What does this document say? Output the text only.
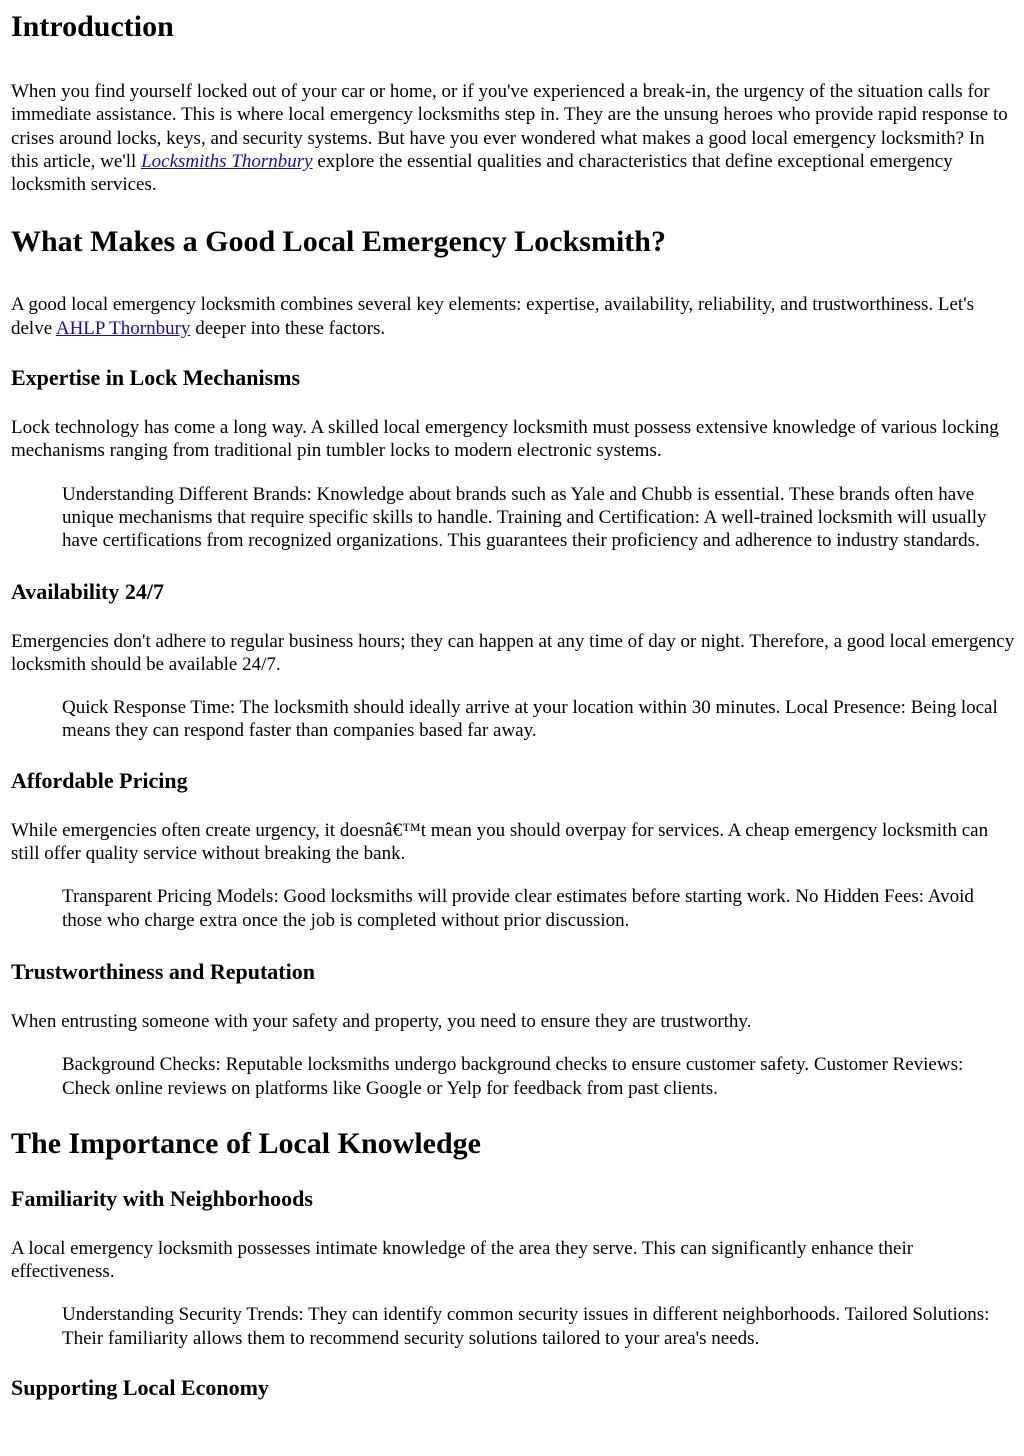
Introduction

When you find yourself locked out of your car or home, or if you've experienced a break-in, the urgency of the situation calls for immediate assistance. This is where local emergency locksmiths step in. They are the unsung heroes who provide rapid response to crises around locks, keys, and security systems. But have you ever wondered what makes a good local emergency locksmith? In this article, we'll Locksmiths Thornbury explore the essential qualities and characteristics that define exceptional emergency locksmith services.

What Makes a Good Local Emergency Locksmith?

A good local emergency locksmith combines several key elements: expertise, availability, reliability, and trustworthiness. Let's delve AHLP Thornbury deeper into these factors.

Expertise in Lock Mechanisms

Lock technology has come a long way. A skilled local emergency locksmith must possess extensive knowledge of various locking mechanisms ranging from traditional pin tumbler locks to modern electronic systems.

Understanding Different Brands: Knowledge about brands such as Yale and Chubb is essential. These brands often have unique mechanisms that require specific skills to handle. Training and Certification: A well-trained locksmith will usually have certifications from recognized organizations. This guarantees their proficiency and adherence to industry standards.
Availability 24/7

Emergencies don't adhere to regular business hours; they can happen at any time of day or night. Therefore, a good local emergency locksmith should be available 24/7.

Quick Response Time: The locksmith should ideally arrive at your location within 30 minutes. Local Presence: Being local means they can respond faster than companies based far away.
Affordable Pricing

While emergencies often create urgency, it doesnâ€™t mean you should overpay for services. A cheap emergency locksmith can still offer quality service without breaking the bank.

Transparent Pricing Models: Good locksmiths will provide clear estimates before starting work. No Hidden Fees: Avoid those who charge extra once the job is completed without prior discussion.
Trustworthiness and Reputation

When entrusting someone with your safety and property, you need to ensure they are trustworthy.

Background Checks: Reputable locksmiths undergo background checks to ensure customer safety. Customer Reviews: Check online reviews on platforms like Google or Yelp for feedback from past clients.
The Importance of Local Knowledge
Familiarity with Neighborhoods

A local emergency locksmith possesses intimate knowledge of the area they serve. This can significantly enhance their effectiveness.

Understanding Security Trends: They can identify common security issues in different neighborhoods. Tailored Solutions: Their familiarity allows them to recommend security solutions tailored to your area's needs.
Supporting Local Economy
